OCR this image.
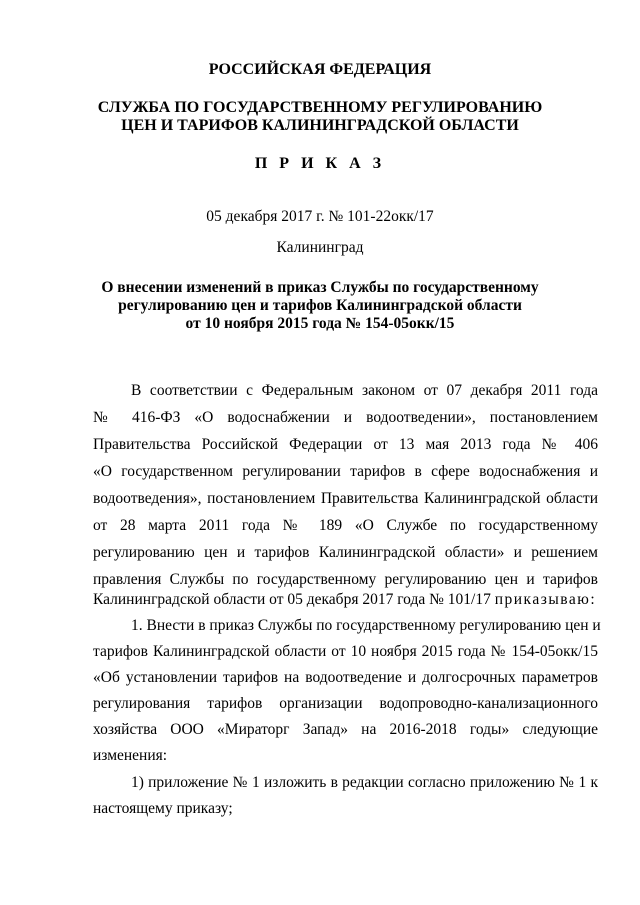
РОССИЙСКАЯ ФЕДЕРАЦИЯ
СЛУЖБА ПО ГОСУДАРСТВЕННОМУ РЕГУЛИРОВАНИЮ
ЦЕН И ТАРИФОВ КАЛИНИНГРАДСКОЙ ОБЛАСТИ
П Р И К А З
05 декабря 2017 г. № 101-22окк/17
Калининград
О внесении изменений в приказ Службы по государственному
регулированию цен и тарифов Калининградской области
от 10 ноября 2015 года № 154-05окк/15
В соответствии с Федеральным законом от 07 декабря 2011 года
№ 416-ФЗ «О водоснабжении и водоотведении», постановлением
Правительства Российской Федерации от 13 мая 2013 года № 406
«О государственном регулировании тарифов в сфере водоснабжения и
водоотведения», постановлением Правительства Калининградской области
от 28 марта 2011 года № 189 «О Службе по государственному
регулированию цен и тарифов Калининградской области» и решением
правления Службы по государственному регулированию цен и тарифов
Калининградской области от 05 декабря 2017 года № 101/17 приказываю:
1. Внести в приказ Службы по государственному регулированию цен и
тарифов Калининградской области от 10 ноября 2015 года № 154-05окк/15
«Об установлении тарифов на водоотведение и долгосрочных параметров
регулирования тарифов организации водопроводно-канализационного
хозяйства ООО «Мираторг Запад» на 2016-2018 годы» следующие
изменения:
1) приложение № 1 изложить в редакции согласно приложению № 1 к
настоящему приказу;
